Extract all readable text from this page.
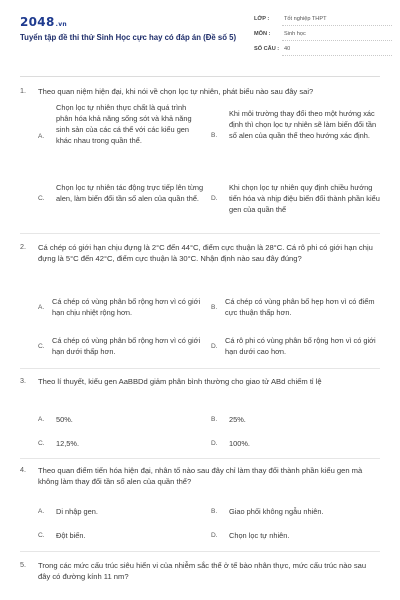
2048.vn
Tuyển tập đề thi thử Sinh Học cực hay có đáp án (Đề số 5)
LỚP :	Tốt nghiệp THPT
MÔN : Sinh học
SỐ CÂU : 40
1. Theo quan niệm hiện đại, khi nói về chọn lọc tự nhiên, phát biểu nào sau đây sai?
A.
Chọn lọc tự nhiên thực chất là quá trình phân hóa khả năng sống sót và khả năng sinh sản của các cá thể với các kiểu gen khác nhau trong quần thể.
B.
Khi môi trường thay đổi theo một hướng xác định thì chọn lọc tự nhiên sẽ làm biến đổi tần số alen của quần thể theo hướng xác định.
C.
Chọn lọc tự nhiên tác động trực tiếp lên từng alen, làm biến đổi tần số alen của quần thể.	D.
Khi chọn lọc tự nhiên quy định chiều hướng tiến hóa và nhịp điệu biến đổi thành phần kiểu gen của quần thể
2. Cá chép có giới hạn chịu đựng là 2°C đến 44°C, điểm cực thuận là 28°C. Cá rô phi có giới hạn chịu đựng là 5°C đến 42°C, điểm cực thuận là 30°C. Nhận định nào sau đây đúng?
A.
Cá chép có vùng phân bố rộng hơn vì có giới hạn chịu nhiệt rộng hơn.
B.
Cá chép có vùng phân bố hẹp hơn vì có điểm cực thuận thấp hơn.
C.
Cá chép có vùng phân bố rộng hơn vì có giới hạn dưới thấp hơn.
D.
Cá rô phi có vùng phân bố rộng hơn vì có giới hạn dưới cao hơn.
3. Theo lí thuyết, kiểu gen AaBBDd giảm phân bình thường cho giao tử ABd chiếm tỉ lệ
A. 50%.	B. 25%.
C. 12,5%.	D. 100%.
4. Theo quan điểm tiến hóa hiện đại, nhân tố nào sau đây chỉ làm thay đổi thành phần kiểu gen mà không làm thay đổi tần số alen của quần thể?
A. Di nhập gen.	B. Giao phối không ngẫu nhiên.
C. Đột biến.	D. Chọn lọc tự nhiên.
5. Trong các mức cấu trúc siêu hiển vi của nhiễm sắc thể ở tế bào nhân thực, mức cấu trúc nào sau đây có đường kính 11 nm?
